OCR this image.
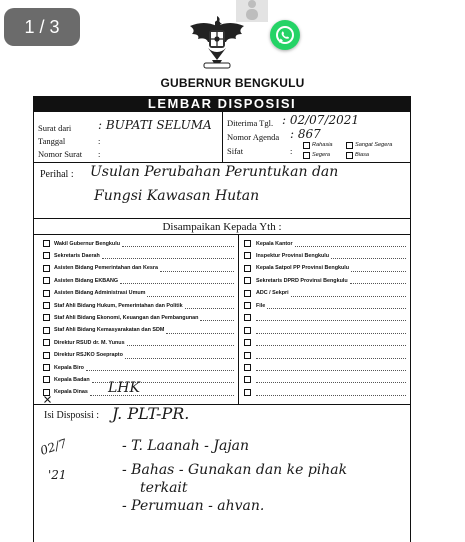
1 / 3
GUBERNUR BENGKULU
LEMBAR DISPOSISI
Surat dari : BUPATI SELUMA
Tanggal	:
Nomor Surat :
Diterima Tgl. : 02/07/2021
Nomor Agenda : 867
Sifat	:
Rahasia	Sangat Segera
Segera	Biasa
Perihal : Usulan Perubahan Peruntukan dan
Fungsi Kawasan Hutan
Disampaikan Kepada Yth :
Wakil Gubernur Bengkulu
Sekretaris Daerah
Asisten Bidang Pemerintahan dan Kesra
Asisten Bidang EKBANG
Asisten Bidang Administrasi Umum
Staf Ahli Bidang Hukum, Pemerintahan dan Politik
Staf Ahli Bidang Ekonomi, Keuangan dan Pembangunan
Staf Ahli Bidang Kemasyarakatan dan SDM
Direktur RSUD dr. M. Yunus
Direktur RSJKO Soeprapto
Kepala Biro
Kepala Badan
Kepala Dinas
Kepala Kantor
Inspektur Provinsi Bengkulu
Kepala Satpol PP Provinsi Bengkulu
Sekretaris DPRD Provinsi Bengkulu
ADC / Sekpri
File
LHK
Isi Disposisi : J. PLT-PR.
02/7
'21
- T. Laanah - Jajan
- Bahas - Gunakan dan ke pihak
terkait
- Perumuan - ahvan.
